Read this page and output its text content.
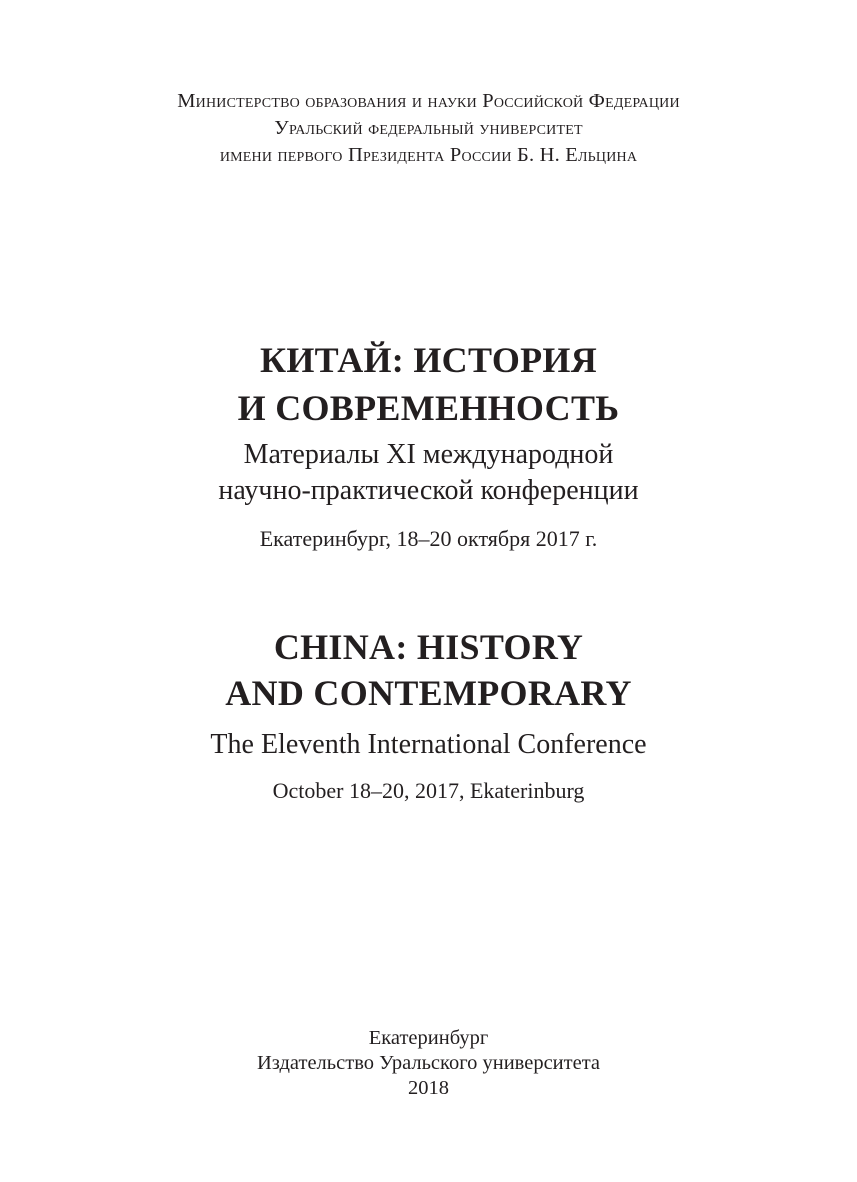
Министерство образования и науки Российской Федерации
Уральский федеральный университет
имени первого Президента России Б. Н. Ельцина
КИТАЙ: ИСТОРИЯ
И СОВРЕМЕННОСТЬ
Материалы XI международной
научно-практической конференции
Екатеринбург, 18–20 октября 2017 г.
CHINA: HISTORY
AND CONTEMPORARY
The Eleventh International Conference
October 18–20, 2017, Ekaterinburg
Екатеринбург
Издательство Уральского университета
2018
